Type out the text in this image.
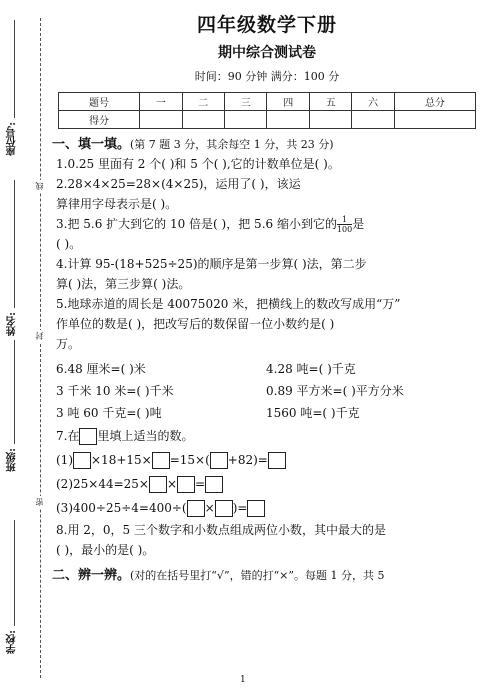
座位号:
姓名:
班级:
学校:
线
封
密
四年级数学下册
期中综合测试卷
时间：90 分钟 满分：100 分
题号	一	二	三	四	五	六	总分
得分							
一、填一填。(第 7 题 3 分，其余每空 1 分，共 23 分)
1.0.25 里面有 2 个( )和 5 个( ),它的计数单位是( )。
2.28×4×25=28×(4×25)，运用了( )，该运
算律用字母表示是( )。
3.把 5.6 扩大到它的 10 倍是( )，把 5.6 缩小到它的 $\frac{1}{100}$是
( )。
4.计算 95-(18+525÷25)的顺序是第一步算( )法，第二步
算( )法，第三步算( )法。
5.地球赤道的周长是 40075020 米，把横线上的数改写成用“万”
作单位的数是( )，把改写后的数保留一位小数约是( )
万。
6.48 厘米=( )米	4.28 吨=( )千克
3 千米 10 米=( )千米	0.89 平方米=( )平方分米
3 吨 60 千克=( )吨	1560 吨=( )千克
7.在 里填上适当的数。
(1) ×18+15× =15×( +82)=
(2)25×44=25× × =
(3)400÷25÷4=400÷( × )=
8.用 2，0，5 三个数字和小数点组成两位小数，其中最大的是
( )，最小的是( )。
二、辨一辨。(对的在括号里打“√”，错的打“×”。每题 1 分，共 5
1
